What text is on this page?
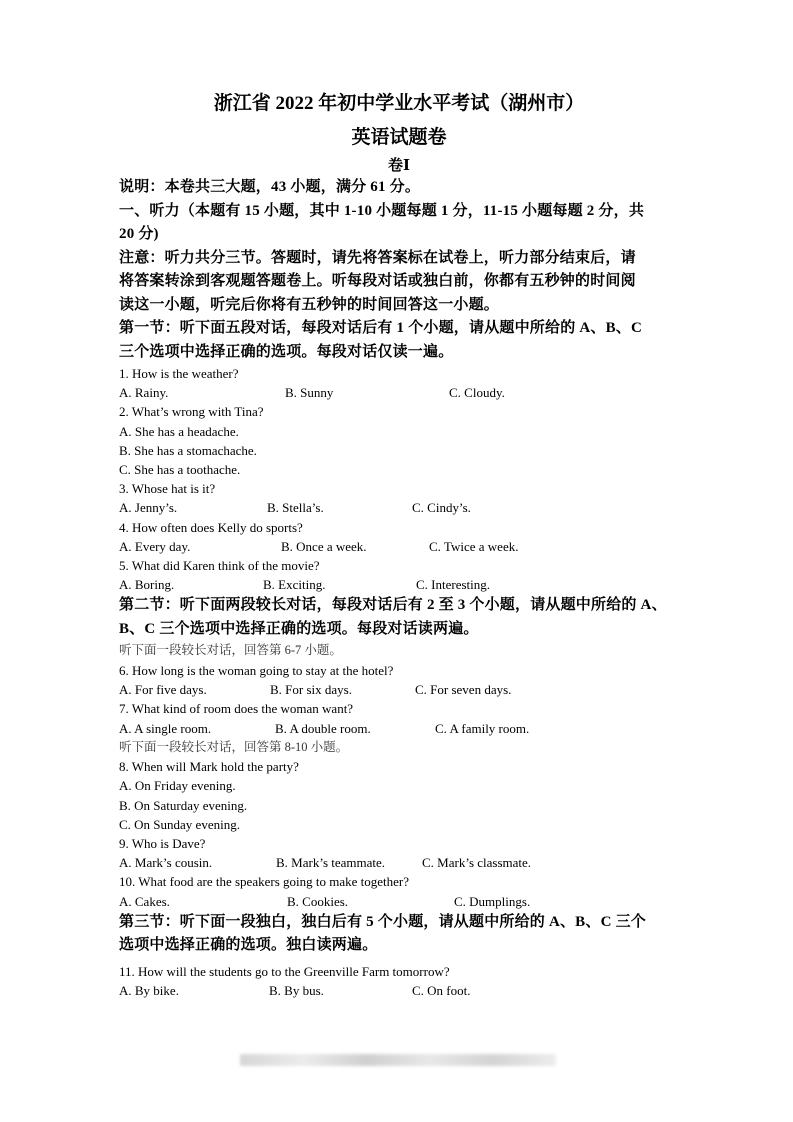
浙江省 2022 年初中学业水平考试（湖州市）
英语试题卷
卷Ⅰ
说明：本卷共三大题，43 小题，满分 61 分。
一、听力（本题有 15 小题，其中 1-10 小题每题 1 分，11-15 小题每题 2 分，共
20 分)
注意：听力共分三节。答题时，请先将答案标在试卷上，听力部分结束后，请
将答案转涂到客观题答题卷上。听每段对话或独白前，你都有五秒钟的时间阅
读这一小题，听完后你将有五秒钟的时间回答这一小题。
第一节：听下面五段对话，每段对话后有 1 个小题，请从题中所给的 A、B、C
三个选项中选择正确的选项。每段对话仅读一遍。
1. How is the weather?
A. Rainy.	B. Sunny	C. Cloudy.
2. What’s wrong with Tina?
A. She has a headache.
B. She has a stomachache.
C. She has a toothache.
3. Whose hat is it?
A. Jenny’s.	B. Stella’s.	C. Cindy’s.
4. How often does Kelly do sports?
A. Every day.	B. Once a week.	C. Twice a week.
5. What did Karen think of the movie?
A. Boring.	B. Exciting.	C. Interesting.
第二节：听下面两段较长对话，每段对话后有 2 至 3 个小题，请从题中所给的 A、
B、C 三个选项中选择正确的选项。每段对话读两遍。
听下面一段较长对话，回答第 6-7 小题。
6. How long is the woman going to stay at the hotel?
A. For five days.	B. For six days.	C. For seven days.
7. What kind of room does the woman want?
A. A single room.	B. A double room.	C. A family room.
听下面一段较长对话，回答第 8-10 小题。
8. When will Mark hold the party?
A. On Friday evening.
B. On Saturday evening.
C. On Sunday evening.
9. Who is Dave?
A. Mark’s cousin.	B. Mark’s teammate.	C. Mark’s classmate.
10. What food are the speakers going to make together?
A. Cakes.	B. Cookies.	C. Dumplings.
第三节：听下面一段独白，独白后有 5 个小题，请从题中所给的 A、B、C 三个
选项中选择正确的选项。独白读两遍。
11. How will the students go to the Greenville Farm tomorrow?
A. By bike.	B. By bus.	C. On foot.
